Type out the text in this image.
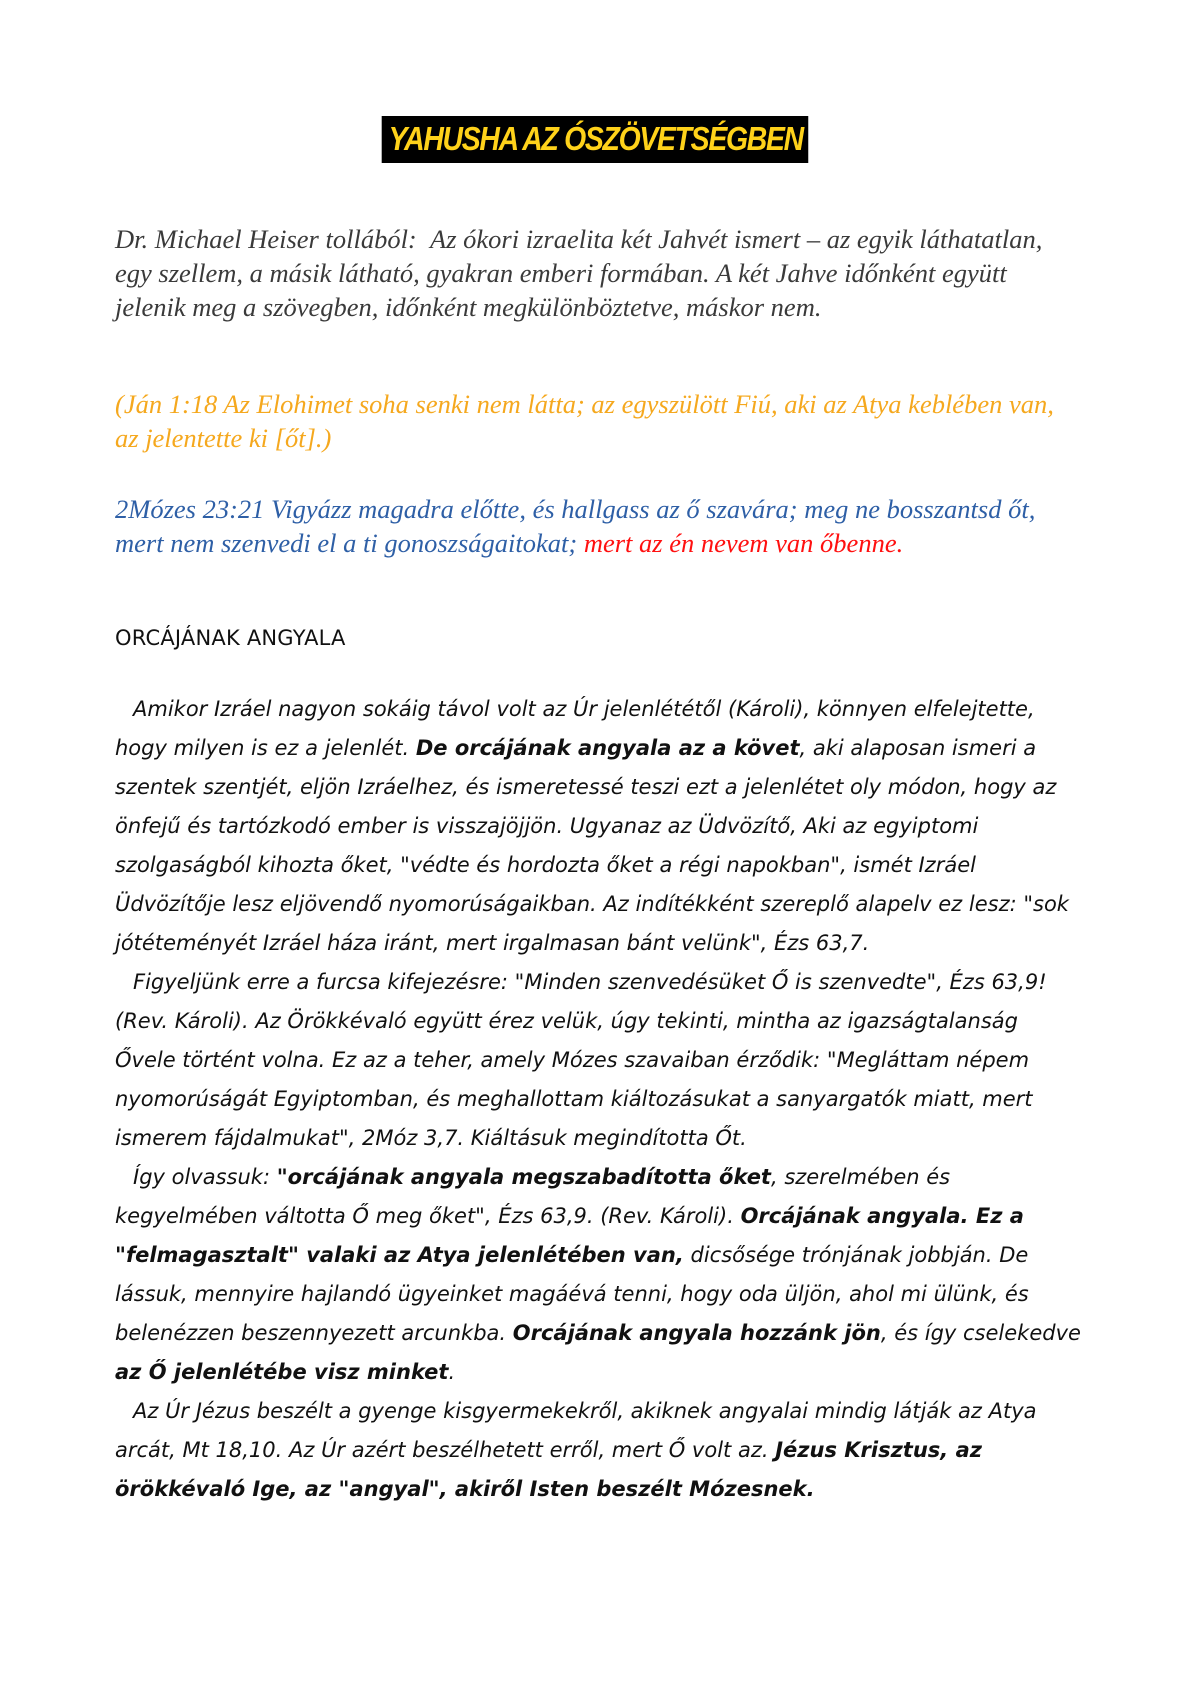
YAHUSHA AZ ÓSZÖVETSÉGBEN

Dr. Michael Heiser tollából: Az ókori izraelita két Jahvét ismert – az egyik láthatatlan, egy szellem, a másik látható, gyakran emberi formában. A két Jahve időnként együtt jelenik meg a szövegben, időnként megkülönböztetve, máskor nem.

(Ján 1:18 Az Elohimet soha senki nem látta; az egyszülött Fiú, aki az Atya keblében van, az jelentette ki [őt].)

2Mózes 23:21 Vigyázz magadra előtte, és hallgass az ő szavára; meg ne bosszantsd őt, mert nem szenvedi el a ti gonoszságaitokat; mert az én nevem van őbenne.

ORCÁJÁNAK ANGYALA

Amikor Izráel nagyon sokáig távol volt az Úr jelenlététől (Károli), könnyen elfelejtette, hogy milyen is ez a jelenlét. De orcájának angyala az a követ, aki alaposan ismeri a szentek szentjét, eljön Izráelhez, és ismeretessé teszi ezt a jelenlétet oly módon, hogy az önfejű és tartózkodó ember is visszajöjjön. Ugyanaz az Üdvözítő, Aki az egyiptomi szolgaságból kihozta őket, "védte és hordozta őket a régi napokban", ismét Izráel Üdvözítője lesz eljövendő nyomorúságaikban. Az indítékként szereplő alapelv ez lesz: "sok jótéteményét Izráel háza iránt, mert irgalmasan bánt velünk", Ézs 63,7.

Figyeljünk erre a furcsa kifejezésre: "Minden szenvedésüket Ő is szenvedte", Ézs 63,9! (Rev. Károli). Az Örökkévaló együtt érez velük, úgy tekinti, mintha az igazságtalanság Ővele történt volna. Ez az a teher, amely Mózes szavaiban érződik: "Megláttam népem nyomorúságát Egyiptomban, és meghallottam kiáltozásukat a sanyargatók miatt, mert ismerem fájdalmukat", 2Móz 3,7. Kiáltásuk megindította Őt.

Így olvassuk: "orcájának angyala megszabadította őket, szerelmében és kegyelmében váltotta Ő meg őket", Ézs 63,9. (Rev. Károli). Orcájának angyala. Ez a "felmagasztalt" valaki az Atya jelenlétében van, dicsősége trónjának jobbján. De lássuk, mennyire hajlandó ügyeinket magáévá tenni, hogy oda üljön, ahol mi ülünk, és belenézzen beszennyezett arcunkba. Orcájának angyala hozzánk jön, és így cselekedve az Ő jelenlétébe visz minket.

Az Úr Jézus beszélt a gyenge kisgyermekekről, akiknek angyalai mindig látják az Atya arcát, Mt 18,10. Az Úr azért beszélhetett erről, mert Ő volt az. Jézus Krisztus, az örökkévaló Ige, az "angyal", akiről Isten beszélt Mózesnek.
